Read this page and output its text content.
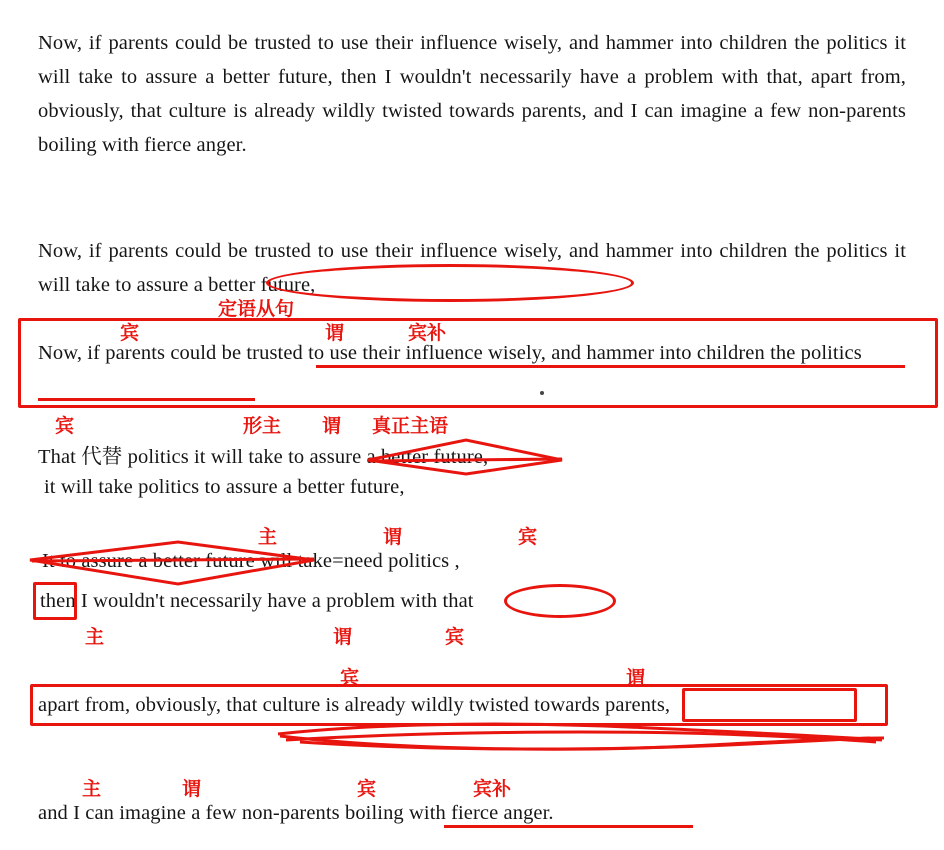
Now, if parents could be trusted to use their influence wisely, and hammer into children the politics it will take to assure a better future, then I wouldn't necessarily have a problem with that, apart from, obviously, that culture is already wildly twisted towards parents, and I can imagine a few non-parents boiling with fierce anger.
Now, if parents could be trusted to use their influence wisely, and hammer into children the politics it will take to assure a better future,
定语从句
宾	谓	宾补
Now, if parents could be trusted to use their influence wisely, and hammer into children the politics
宾	形主 谓 真正主语
That 代替 politics it will take to assure a better future,
it will take politics to assure a better future,
主	谓	宾
It to assure a better future will take=need politics ,
then I wouldn't necessarily have a problem with that
主	谓	宾
宾	谓
apart from, obviously, that culture is already wildly twisted towards parents,
主	谓	宾	宾补
and I can imagine a few non-parents boiling with fierce anger.
